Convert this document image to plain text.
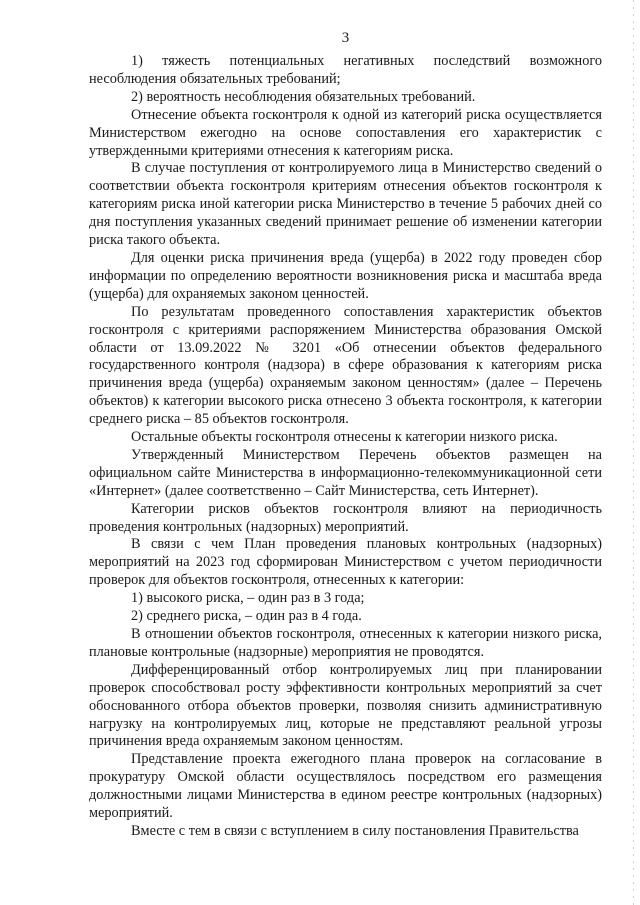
3

1) тяжесть потенциальных негативных последствий возможного несоблюдения обязательных требований;

2) вероятность несоблюдения обязательных требований.

Отнесение объекта госконтроля к одной из категорий риска осуществляется Министерством ежегодно на основе сопоставления его характеристик с утвержденными критериями отнесения к категориям риска.

В случае поступления от контролируемого лица в Министерство сведений о соответствии объекта госконтроля критериям отнесения объектов госконтроля к категориям риска иной категории риска Министерство в течение 5 рабочих дней со дня поступления указанных сведений принимает решение об изменении категории риска такого объекта.

Для оценки риска причинения вреда (ущерба) в 2022 году проведен сбор информации по определению вероятности возникновения риска и масштаба вреда (ущерба) для охраняемых законом ценностей.

По результатам проведенного сопоставления характеристик объектов госконтроля с критериями распоряжением Министерства образования Омской области от 13.09.2022 № 3201 «Об отнесении объектов федерального государственного контроля (надзора) в сфере образования к категориям риска причинения вреда (ущерба) охраняемым законом ценностям» (далее – Перечень объектов) к категории высокого риска отнесено 3 объекта госконтроля, к категории среднего риска – 85 объектов госконтроля.

Остальные объекты госконтроля отнесены к категории низкого риска.

Утвержденный Министерством Перечень объектов размещен на официальном сайте Министерства в информационно-телекоммуникационной сети «Интернет» (далее соответственно – Сайт Министерства, сеть Интернет).

Категории рисков объектов госконтроля влияют на периодичность проведения контрольных (надзорных) мероприятий.

В связи с чем План проведения плановых контрольных (надзорных) мероприятий на 2023 год сформирован Министерством с учетом периодичности проверок для объектов госконтроля, отнесенных к категории:

1) высокого риска, – один раз в 3 года;

2) среднего риска, – один раз в 4 года.

В отношении объектов госконтроля, отнесенных к категории низкого риска, плановые контрольные (надзорные) мероприятия не проводятся.

Дифференцированный отбор контролируемых лиц при планировании проверок способствовал росту эффективности контрольных мероприятий за счет обоснованного отбора объектов проверки, позволяя снизить административную нагрузку на контролируемых лиц, которые не представляют реальной угрозы причинения вреда охраняемым законом ценностям.

Представление проекта ежегодного плана проверок на согласование в прокуратуру Омской области осуществлялось посредством его размещения должностными лицами Министерства в едином реестре контрольных (надзорных) мероприятий.

Вместе с тем в связи с вступлением в силу постановления Правительства
